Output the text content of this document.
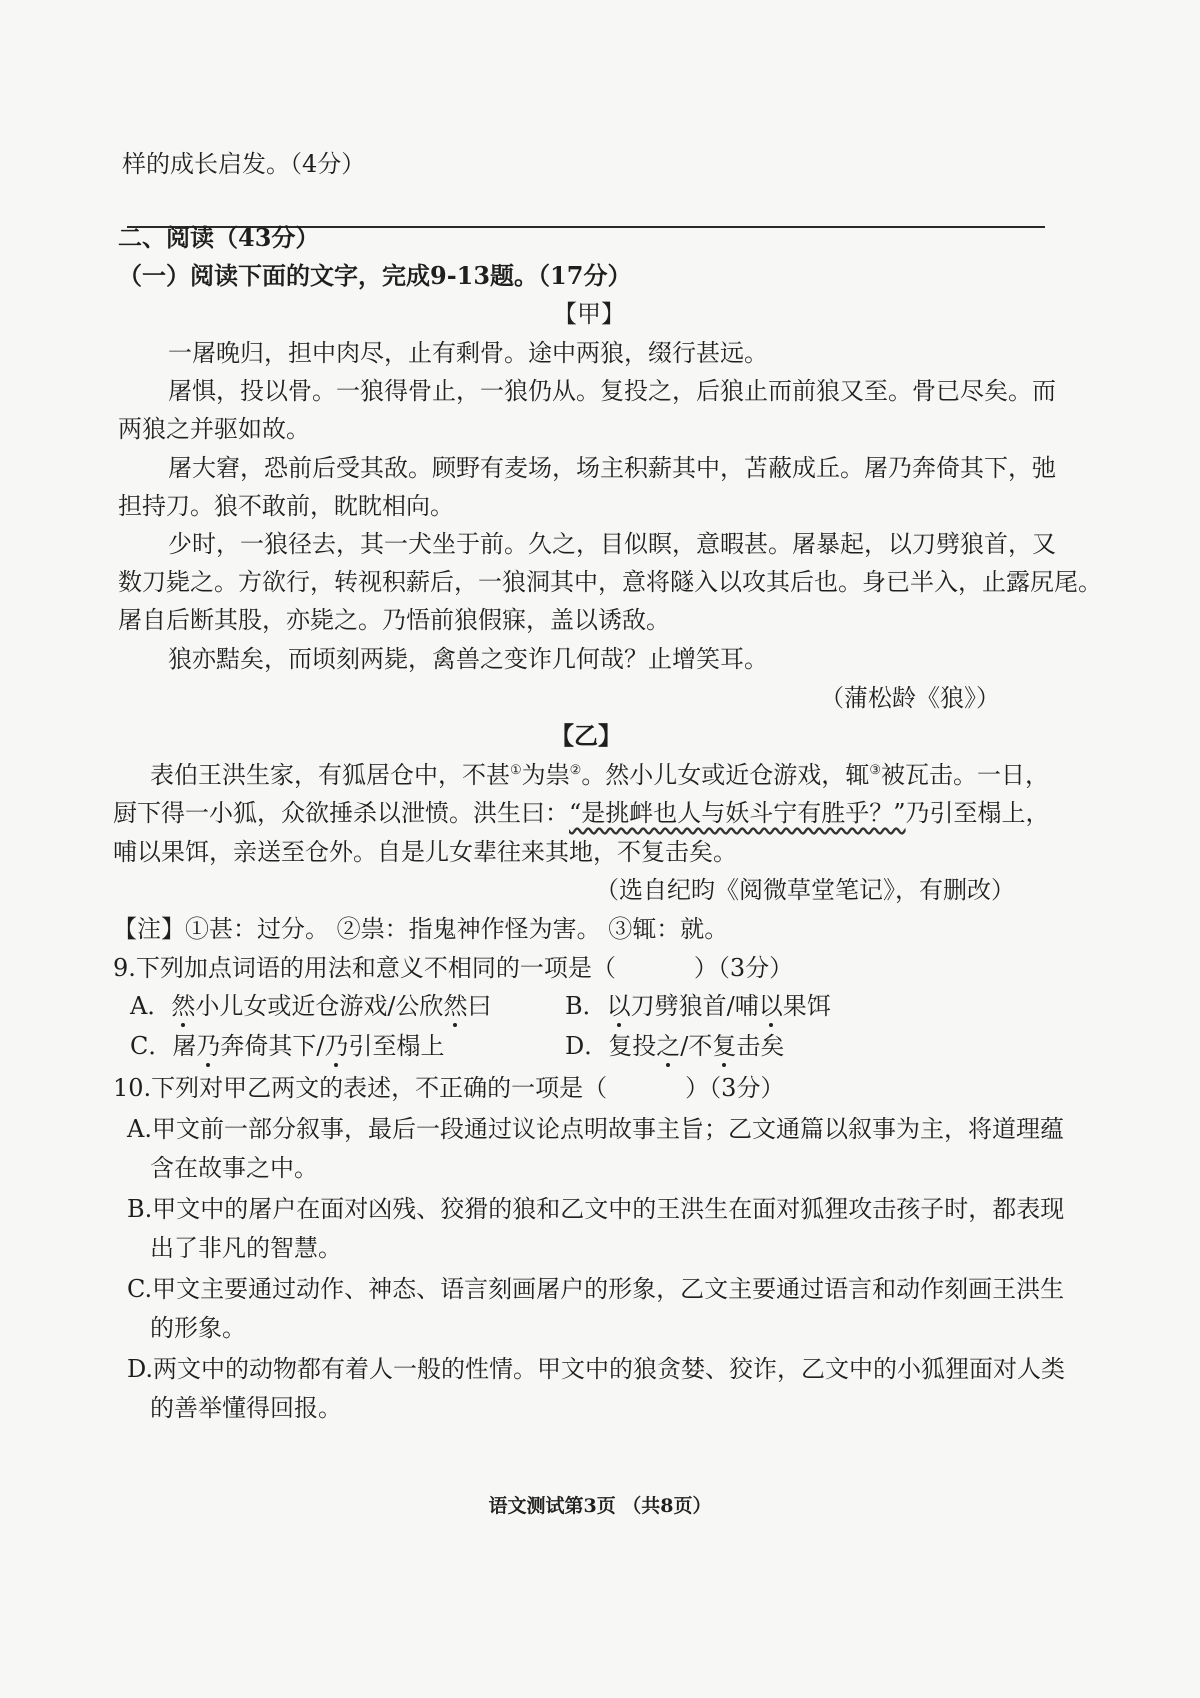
样的成长启发。（4分）
二、阅读（43分）
（一）阅读下面的文字，完成9-13题。（17分）
【甲】
一屠晚归，担中肉尽，止有剩骨。途中两狼，缀行甚远。
屠惧，投以骨。一狼得骨止，一狼仍从。复投之，后狼止而前狼又至。骨已尽矣。而
两狼之并驱如故。
屠大窘，恐前后受其敌。顾野有麦场，场主积薪其中，苫蔽成丘。屠乃奔倚其下，弛
担持刀。狼不敢前，眈眈相向。
少时，一狼径去，其一犬坐于前。久之，目似瞑，意暇甚。屠暴起，以刀劈狼首，又
数刀毙之。方欲行，转视积薪后，一狼洞其中，意将隧入以攻其后也。身已半入，止露尻尾。
屠自后断其股，亦毙之。乃悟前狼假寐，盖以诱敌。
狼亦黠矣，而顷刻两毙，禽兽之变诈几何哉？止增笑耳。
（蒲松龄《狼》）
【乙】
表伯王洪生家，有狐居仓中，不甚①为祟②。然小儿女或近仓游戏，辄③被瓦击。一日，
厨下得一小狐，众欲捶杀以泄愤。洪生曰：“是挑衅也人与妖斗宁有胜乎？”乃引至榻上，
哺以果饵，亲送至仓外。自是儿女辈往来其地，不复击矣。
（选自纪昀《阅微草堂笔记》，有删改）
【注】①甚：过分。 ②祟：指鬼神作怪为害。 ③辄：就。
9.下列加点词语的用法和意义不相同的一项是（	）（3分）
A．然小儿女或近仓游戏/公欣然曰	B．以刀劈狼首/哺以果饵
C．屠乃奔倚其下/乃引至榻上	D．复投之/不复击矣
10.下列对甲乙两文的表述，不正确的一项是（	）（3分）
A.甲文前一部分叙事，最后一段通过议论点明故事主旨；乙文通篇以叙事为主，将道理蕴
含在故事之中。
B.甲文中的屠户在面对凶残、狡猾的狼和乙文中的王洪生在面对狐狸攻击孩子时，都表现
出了非凡的智慧。
C.甲文主要通过动作、神态、语言刻画屠户的形象，乙文主要通过语言和动作刻画王洪生
的形象。
D.两文中的动物都有着人一般的性情。甲文中的狼贪婪、狡诈，乙文中的小狐狸面对人类
的善举懂得回报。
语文测试第3页 （共8页）
